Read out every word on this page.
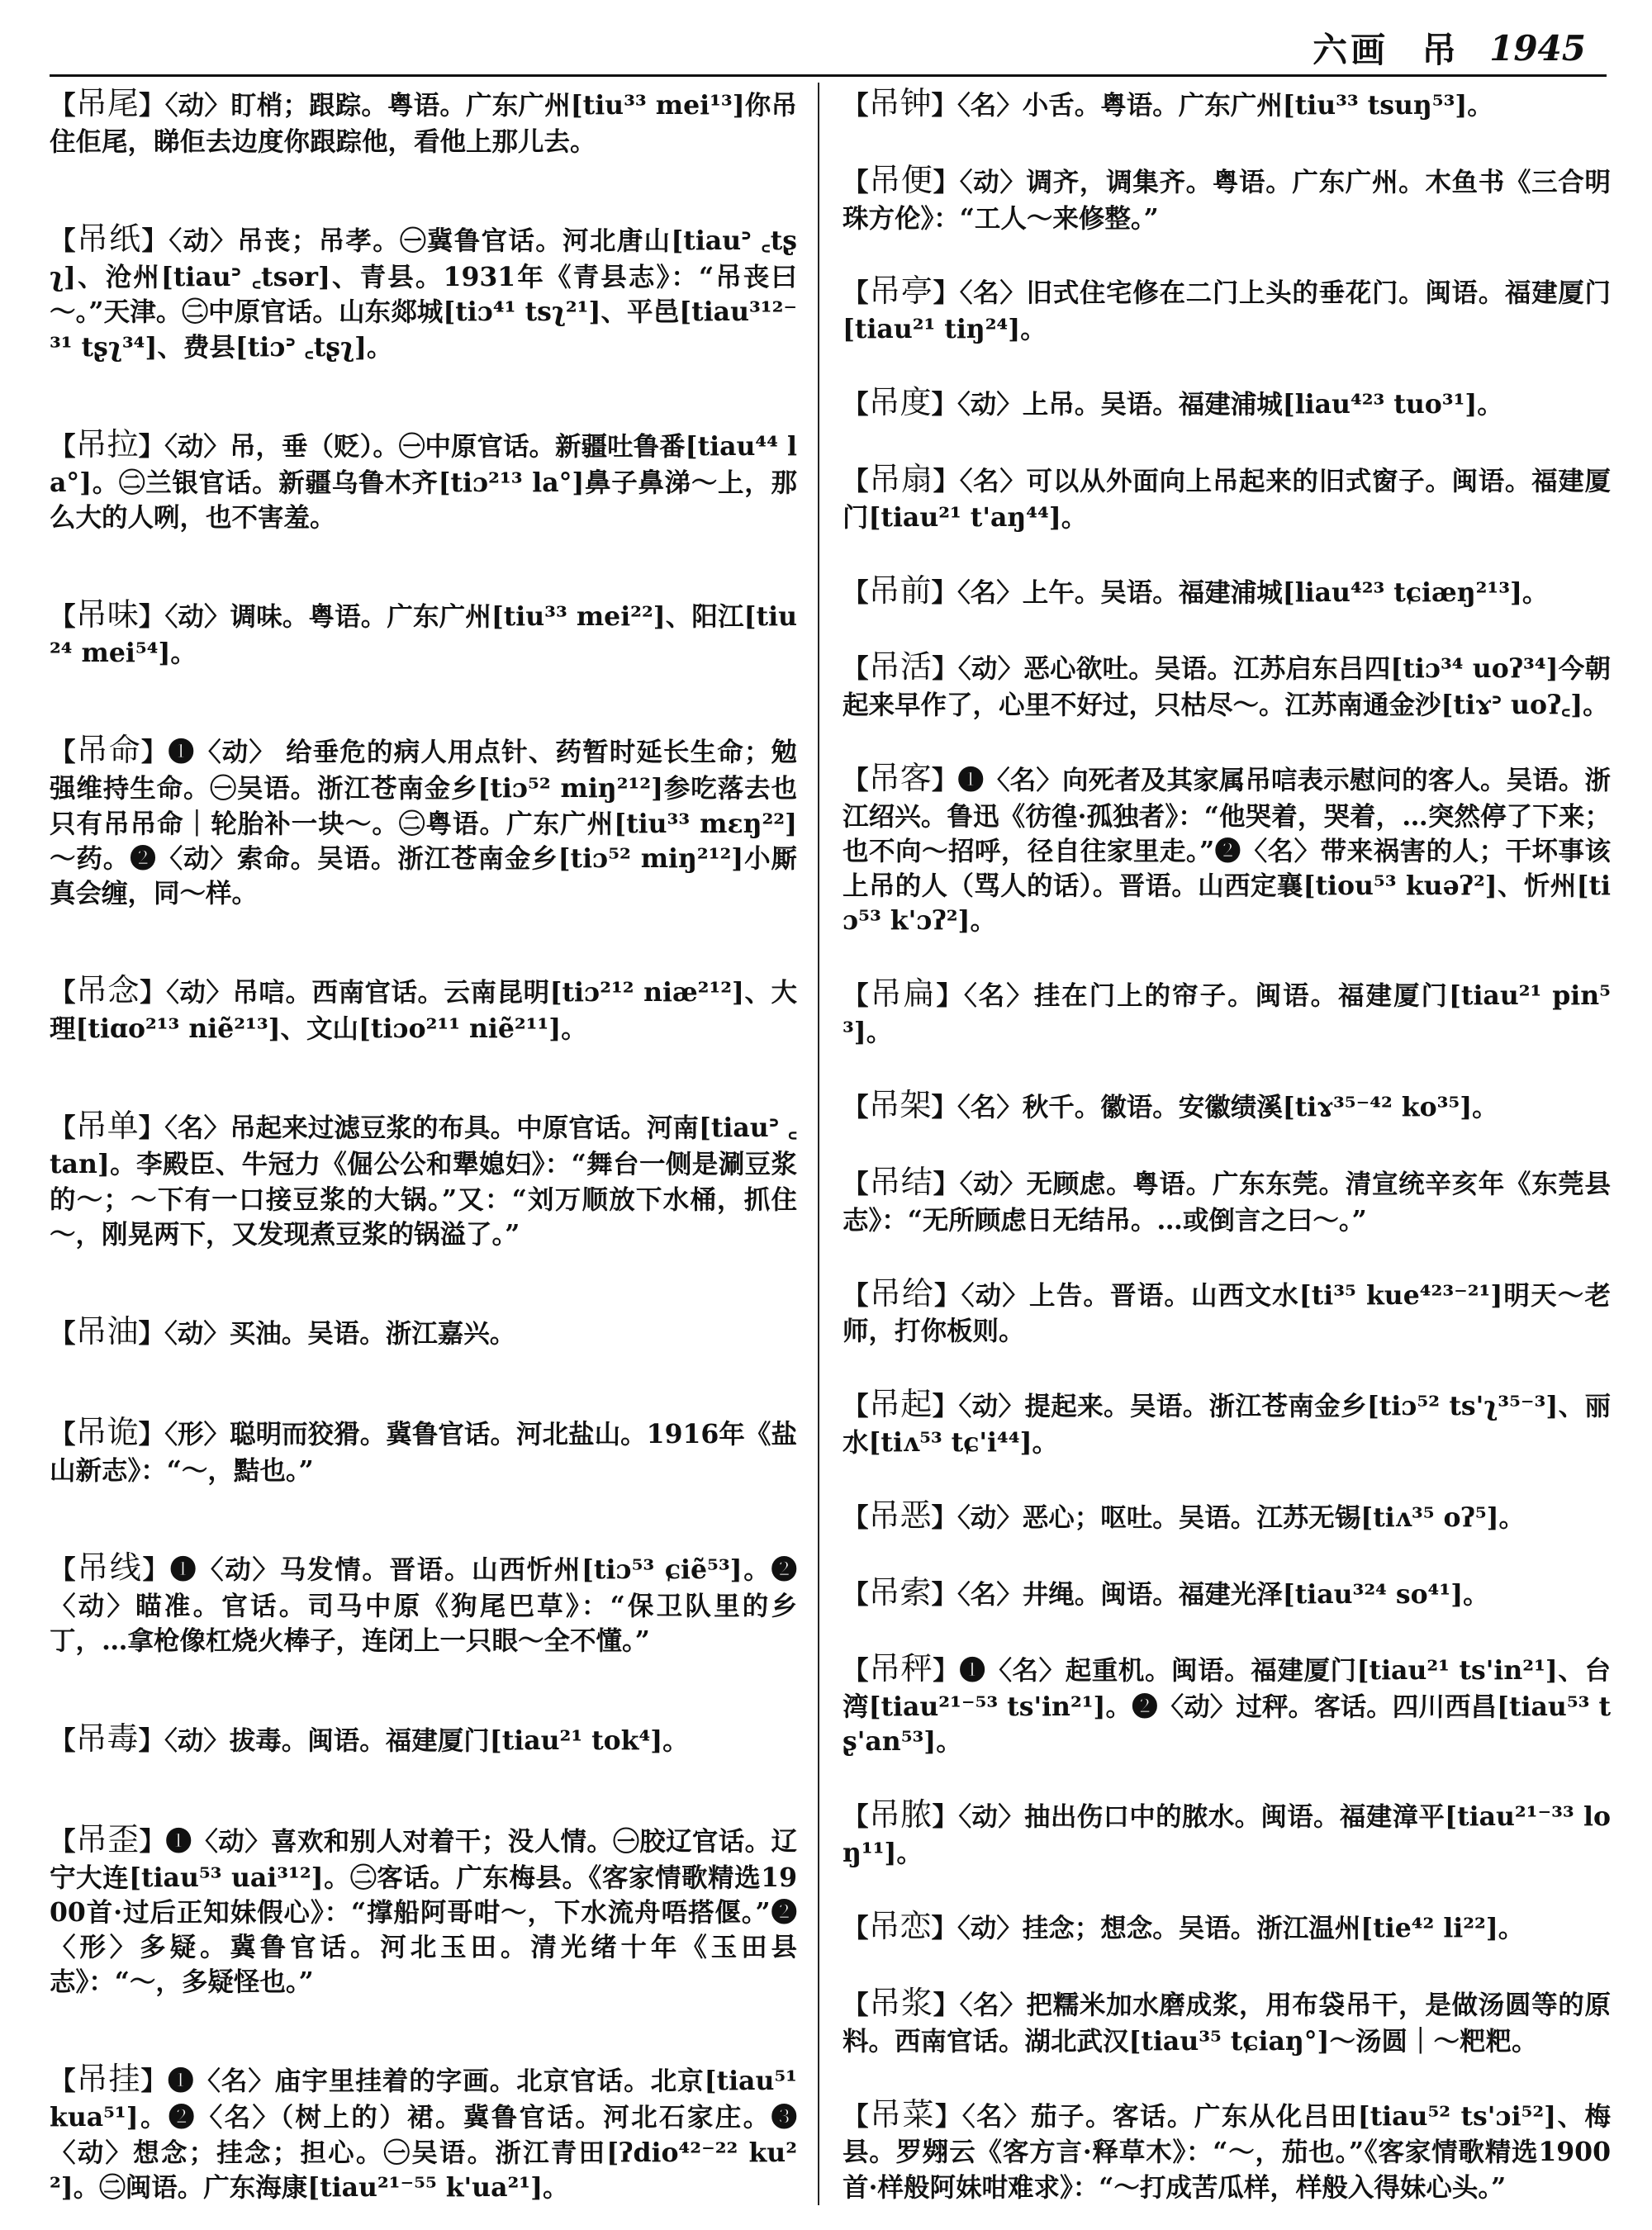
六画 吊 1945

【吊尾】〈动〉盯梢；跟踪。粤语。广东广州[tiu³³ mei¹³]你吊住佢尾，睇佢去边度你跟踪他，看他上那儿去。

【吊纸】〈动〉吊丧；吊孝。㊀冀鲁官话。河北唐山[tiauᐣ ꜀tʂʅ]、沧州[tiauᐣ ꜀tsər]、青县。1931年《青县志》：“吊丧曰～。”天津。㊁中原官话。山东郯城[tiɔ⁴¹ tsʅ²¹]、平邑[tiau³¹²⁻³¹ tʂʅ³⁴]、费县[tiɔᐣ ꜀tʂʅ]。

【吊拉】〈动〉吊，垂（贬）。㊀中原官话。新疆吐鲁番[tiau⁴⁴ la°]。㊁兰银官话。新疆乌鲁木齐[tiɔ²¹³ la°]鼻子鼻涕～上，那么大的人咧，也不害羞。

【吊味】〈动〉调味。粤语。广东广州[tiu³³ mei²²]、阳江[tiu²⁴ mei⁵⁴]。

【吊命】❶〈动〉 给垂危的病人用点针、药暂时延长生命；勉强维持生命。㊀吴语。浙江苍南金乡[tiɔ⁵² miŋ²¹²]参吃落去也只有吊吊命｜轮胎补一块～。㊁粤语。广东广州[tiu³³ mɛŋ²²]～药。❷〈动〉索命。吴语。浙江苍南金乡[tiɔ⁵² miŋ²¹²]小厮真会缠，同～样。

【吊念】〈动〉吊唁。西南官话。云南昆明[tiɔ²¹² niæ²¹²]、大理[tiɑo²¹³ niẽ²¹³]、文山[tiɔo²¹¹ niẽ²¹¹]。

【吊单】〈名〉吊起来过滤豆浆的布具。中原官话。河南[tiauᐣ ꜀tan]。李殿臣、牛冠力《倔公公和犟媳妇》：“舞台一侧是涮豆浆的～；～下有一口接豆浆的大锅。”又：“刘万顺放下水桶，抓住～，刚晃两下，又发现煮豆浆的锅溢了。”

【吊油】〈动〉买油。吴语。浙江嘉兴。

【吊诡】〈形〉聪明而狡猾。冀鲁官话。河北盐山。1916年《盐山新志》：“～，黠也。”

【吊线】❶〈动〉马发情。晋语。山西忻州[tiɔ⁵³ ɕiẽ⁵³]。❷〈动〉瞄准。官话。司马中原《狗尾巴草》：“保卫队里的乡丁，…拿枪像杠烧火棒子，连闭上一只眼～全不懂。”

【吊毒】〈动〉拔毒。闽语。福建厦门[tiau²¹ tok⁴]。

【吊歪】❶〈动〉喜欢和别人对着干；没人情。㊀胶辽官话。辽宁大连[tiau⁵³ uai³¹²]。㊁客话。广东梅县。《客家情歌精选1900首·过后正知妹假心》：“撑船阿哥咁～，下水流舟唔搭偃。”❷〈形〉多疑。冀鲁官话。河北玉田。清光绪十年《玉田县志》：“～，多疑怪也。”

【吊挂】❶〈名〉庙宇里挂着的字画。北京官话。北京[tiau⁵¹ kua⁵¹]。❷〈名〉（树上的）裙。冀鲁官话。河北石家庄。❸〈动〉想念；挂念；担心。㊀吴语。浙江青田[ʔdio⁴²⁻²² ku²²]。㊁闽语。广东海康[tiau²¹⁻⁵⁵ k'ua²¹]。

【吊钟】〈名〉小舌。粤语。广东广州[tiu³³ tsuŋ⁵³]。

【吊便】〈动〉调齐，调集齐。粤语。广东广州。木鱼书《三合明珠方伦》：“工人～来修整。”

【吊亭】〈名〉旧式住宅修在二门上头的垂花门。闽语。福建厦门[tiau²¹ tiŋ²⁴]。

【吊度】〈动〉上吊。吴语。福建浦城[liau⁴²³ tuo³¹]。

【吊扇】〈名〉可以从外面向上吊起来的旧式窗子。闽语。福建厦门[tiau²¹ t'aŋ⁴⁴]。

【吊前】〈名〉上午。吴语。福建浦城[liau⁴²³ tɕiæŋ²¹³]。

【吊活】〈动〉恶心欲吐。吴语。江苏启东吕四[tiɔ³⁴ uoʔ³⁴]今朝起来早作了，心里不好过，只枯尽～。江苏南通金沙[tiɤᐣ uoʔ꜀]。

【吊客】❶〈名〉向死者及其家属吊唁表示慰问的客人。吴语。浙江绍兴。鲁迅《彷徨·孤独者》：“他哭着，哭着，…突然停了下来；也不向～招呼，径自往家里走。”❷〈名〉带来祸害的人；干坏事该上吊的人（骂人的话）。晋语。山西定襄[tiou⁵³ kuəʔ²]、忻州[tiɔ⁵³ k'ɔʔ²]。

【吊扁】〈名〉挂在门上的帘子。闽语。福建厦门[tiau²¹ pin⁵³]。

【吊架】〈名〉秋千。徽语。安徽绩溪[tiɤ³⁵⁻⁴² ko³⁵]。

【吊结】〈动〉无顾虑。粤语。广东东莞。清宣统辛亥年《东莞县志》：“无所顾虑日无结吊。…或倒言之曰～。”

【吊给】〈动〉上告。晋语。山西文水[ti³⁵ kue⁴²³⁻²¹]明天～老师，打你板则。

【吊起】〈动〉提起来。吴语。浙江苍南金乡[tiɔ⁵² ts'ʅ³⁵⁻³]、丽水[tiʌ⁵³ tɕ'i⁴⁴]。

【吊恶】〈动〉恶心；呕吐。吴语。江苏无锡[tiʌ³⁵ oʔ⁵]。

【吊索】〈名〉井绳。闽语。福建光泽[tiau³²⁴ so⁴¹]。

【吊秤】❶〈名〉起重机。闽语。福建厦门[tiau²¹ ts'in²¹]、台湾[tiau²¹⁻⁵³ ts'in²¹]。❷〈动〉过秤。客话。四川西昌[tiau⁵³ tʂ'an⁵³]。

【吊脓】〈动〉抽出伤口中的脓水。闽语。福建漳平[tiau²¹⁻³³ loŋ¹¹]。

【吊恋】〈动〉挂念；想念。吴语。浙江温州[tie⁴² li²²]。

【吊浆】〈名〉把糯米加水磨成浆，用布袋吊干，是做汤圆等的原料。西南官话。湖北武汉[tiau³⁵ tɕiaŋ°]～汤圆｜～粑粑。

【吊菜】〈名〉茄子。客话。广东从化吕田[tiau⁵² ts'ɔi⁵²]、梅县。罗翙云《客方言·释草木》：“～，茄也。”《客家情歌精选1900首·样般阿妹咁难求》：“～打成苦瓜样，样般入得妹心头。”
